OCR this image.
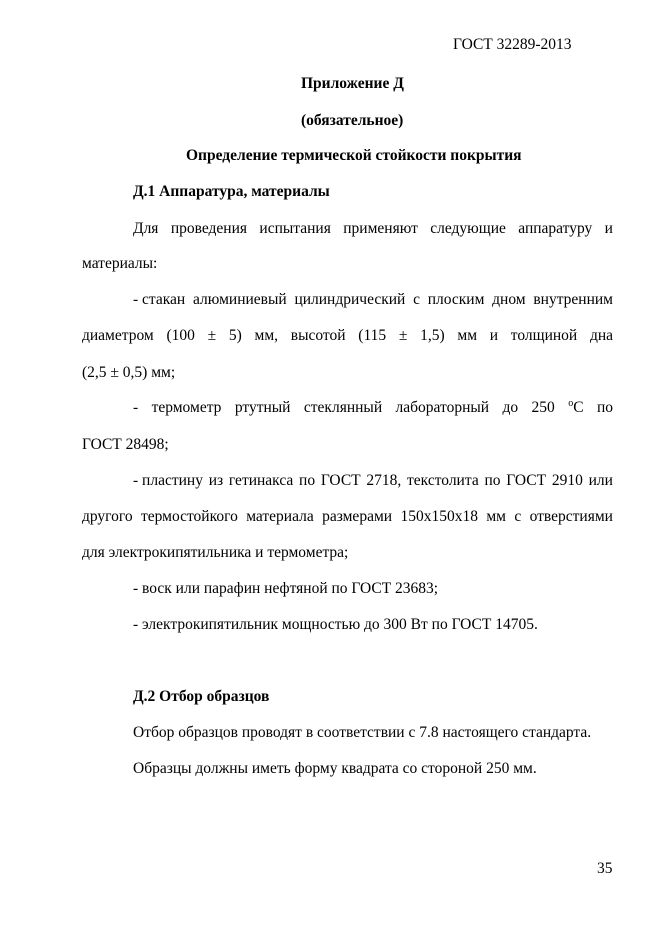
ГОСТ 32289-2013
Приложение Д
(обязательное)
Определение термической стойкости покрытия
Д.1 Аппаратура, материалы
Для проведения испытания применяют следующие аппаратуру и
материалы:
- стакан алюминиевый цилиндрический с плоским дном внутренним
диаметром (100 ± 5) мм, высотой (115 ± 1,5) мм и толщиной дна
(2,5 ± 0,5) мм;
- термометр ртутный стеклянный лабораторный до 250 $^о$С по
ГОСТ 28498;
- пластину из гетинакса по ГОСТ 2718, текстолита по ГОСТ 2910 или
другого термостойкого материала размерами 150х150х18 мм с отверстиями
для электрокипятильника и термометра;
- воск или парафин нефтяной по ГОСТ 23683;
- электрокипятильник мощностью до 300 Вт по ГОСТ 14705.
Д.2 Отбор образцов
Отбор образцов проводят в соответствии с 7.8 настоящего стандарта.
Образцы должны иметь форму квадрата со стороной 250 мм.
35
